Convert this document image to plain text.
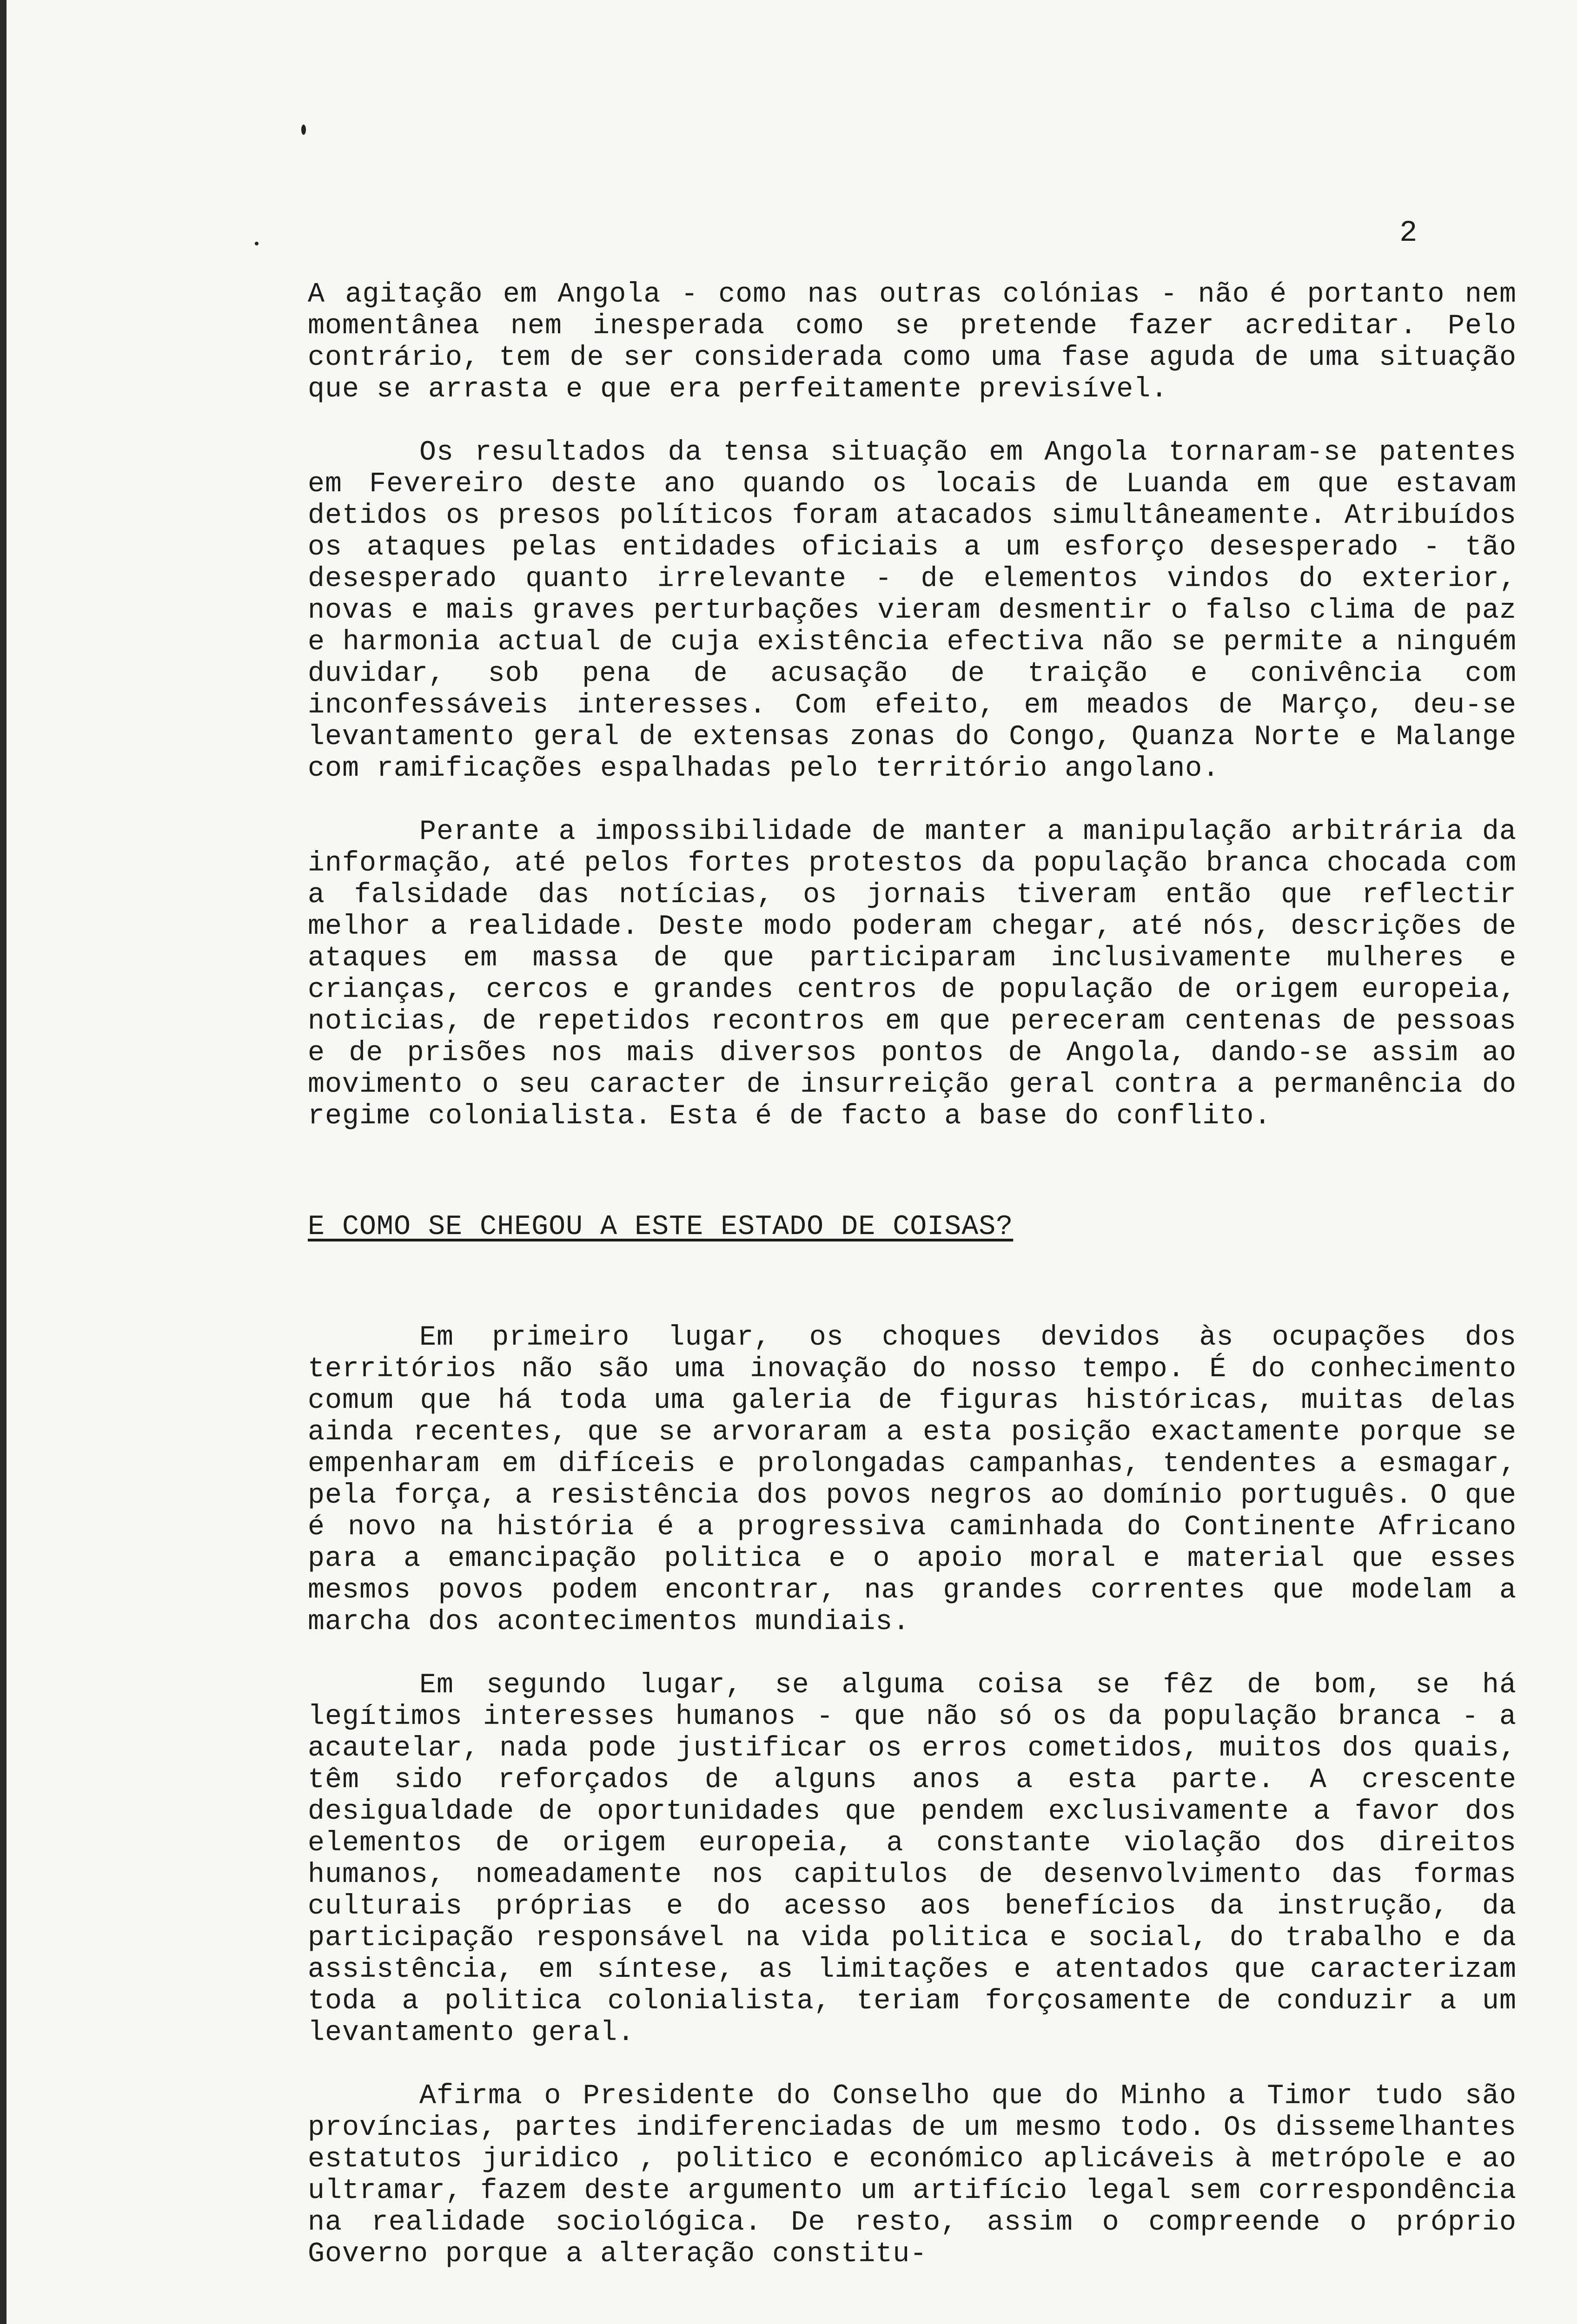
2

A agitação em Angola - como nas outras colónias - não é portanto nem momentânea nem inesperada como se pretende fazer acreditar. Pelo contrário, tem de ser considerada como uma fase aguda de uma situação que se arrasta e que era perfeitamente previsível.

Os resultados da tensa situação em Angola tornaram-se patentes em Fevereiro deste ano quando os locais de Luanda em que estavam detidos os presos políticos foram atacados simultâneamente. Atribuídos os ataques pelas entidades oficiais a um esforço desesperado - tão desesperado quanto irrelevante - de elementos vindos do exterior, novas e mais graves perturbações vieram desmentir o falso clima de paz e harmonia actual de cuja existência efectiva não se permite a ninguém duvidar, sob pena de acusação de traição e conivência com inconfessáveis interesses. Com efeito, em meados de Março, deu-se levantamento geral de extensas zonas do Congo, Quanza Norte e Malange com ramificações espalhadas pelo território angolano.

Perante a impossibilidade de manter a manipulação arbitrária da informação, até pelos fortes protestos da população branca chocada com a falsidade das notícias, os jornais tiveram então que reflectir melhor a realidade. Deste modo poderam chegar, até nós, descrições de ataques em massa de que participaram inclusivamente mulheres e crianças, cercos e grandes centros de população de origem europeia, noticias, de repetidos recontros em que pereceram centenas de pessoas e de prisões nos mais diversos pontos de Angola, dando-se assim ao movimento o seu caracter de insurreição geral contra a permanência do regime colonialista. Esta é de facto a base do conflito.

E COMO SE CHEGOU A ESTE ESTADO DE COISAS?

Em primeiro lugar, os choques devidos às ocupações dos territórios não são uma inovação do nosso tempo. É do conhecimento comum que há toda uma galeria de figuras históricas, muitas delas ainda recentes, que se arvoraram a esta posição exactamente porque se empenharam em difíceis e prolongadas campanhas, tendentes a esmagar, pela força, a resistência dos povos negros ao domínio português. O que é novo na história é a progressiva caminhada do Continente Africano para a emancipação politica e o apoio moral e material que esses mesmos povos podem encontrar, nas grandes correntes que modelam a marcha dos acontecimentos mundiais.

Em segundo lugar, se alguma coisa se fêz de bom, se há legítimos interesses humanos - que não só os da população branca - a acautelar, nada pode justificar os erros cometidos, muitos dos quais, têm sido reforçados de alguns anos a esta parte. A crescente desigualdade de oportunidades que pendem exclusivamente a favor dos elementos de origem europeia, a constante violação dos direitos humanos, nomeadamente nos capitulos de desenvolvimento das formas culturais próprias e do acesso aos benefícios da instrução, da participação responsável na vida politica e social, do trabalho e da assistência, em síntese, as limitações e atentados que caracterizam toda a politica colonialista, teriam forçosamente de conduzir a um levantamento geral.

Afirma o Presidente do Conselho que do Minho a Timor tudo são províncias, partes indiferenciadas de um mesmo todo. Os dissemelhantes estatutos juridico , politico e económico aplicáveis à metrópole e ao ultramar, fazem deste argumento um artifício legal sem correspondência na realidade sociológica. De resto, assim o compreende o próprio Governo porque a alteração constitu-
